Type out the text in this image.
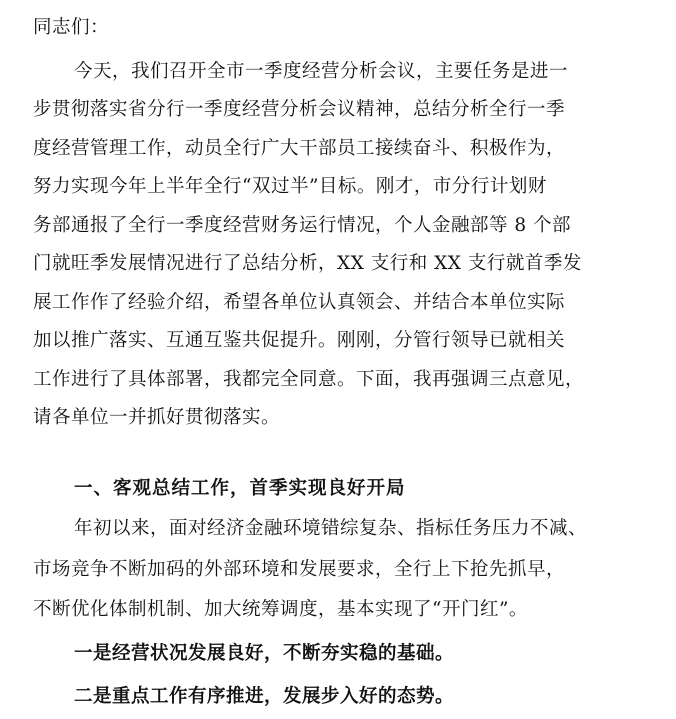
同志们：
今天，我们召开全市一季度经营分析会议，主要任务是进一
步贯彻落实省分行一季度经营分析会议精神，总结分析全行一季
度经营管理工作，动员全行广大干部员工接续奋斗、积极作为，
努力实现今年上半年全行“双过半”目标。刚才，市分行计划财
务部通报了全行一季度经营财务运行情况，个人金融部等 8 个部
门就旺季发展情况进行了总结分析，XX 支行和 XX 支行就首季发
展工作作了经验介绍，希望各单位认真领会、并结合本单位实际
加以推广落实、互通互鉴共促提升。刚刚，分管行领导已就相关
工作进行了具体部署，我都完全同意。下面，我再强调三点意见，
请各单位一并抓好贯彻落实。
一、客观总结工作，首季实现良好开局
年初以来，面对经济金融环境错综复杂、指标任务压力不减、
市场竞争不断加码的外部环境和发展要求，全行上下抢先抓早，
不断优化体制机制、加大统筹调度，基本实现了“开门红”。
一是经营状况发展良好，不断夯实稳的基础。
二是重点工作有序推进，发展步入好的态势。
